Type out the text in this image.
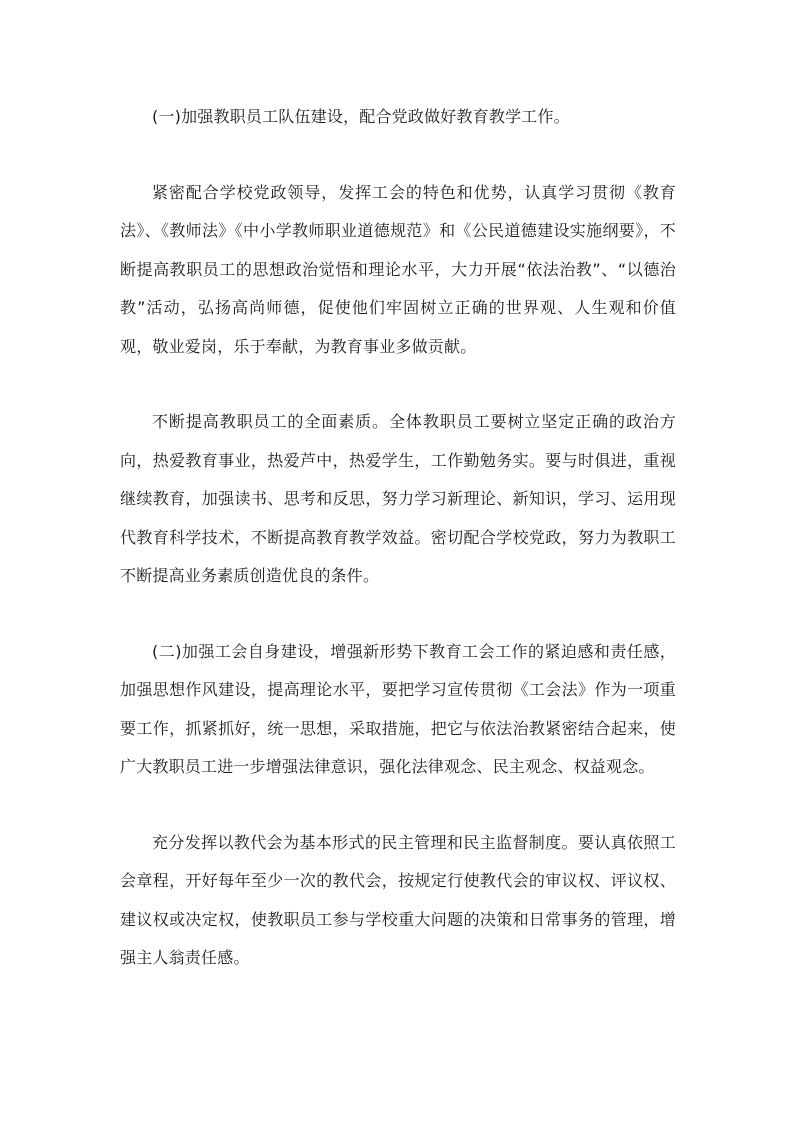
(一)加强教职员工队伍建设，配合党政做好教育教学工作。

紧密配合学校党政领导，发挥工会的特色和优势，认真学习贯彻《教育法》、《教师法》《中小学教师职业道德规范》和《公民道德建设实施纲要》，不断提高教职员工的思想政治觉悟和理论水平，大力开展“依法治教”、“以德治教”活动，弘扬高尚师德，促使他们牢固树立正确的世界观、人生观和价值观，敬业爱岗，乐于奉献，为教育事业多做贡献。

不断提高教职员工的全面素质。全体教职员工要树立坚定正确的政治方向，热爱教育事业，热爱芦中，热爱学生，工作勤勉务实。要与时俱进，重视继续教育，加强读书、思考和反思，努力学习新理论、新知识，学习、运用现代教育科学技术，不断提高教育教学效益。密切配合学校党政，努力为教职工不断提高业务素质创造优良的条件。

(二)加强工会自身建设，增强新形势下教育工会工作的紧迫感和责任感，加强思想作风建设，提高理论水平，要把学习宣传贯彻《工会法》作为一项重要工作，抓紧抓好，统一思想，采取措施，把它与依法治教紧密结合起来，使广大教职员工进一步增强法律意识，强化法律观念、民主观念、权益观念。

充分发挥以教代会为基本形式的民主管理和民主监督制度。要认真依照工会章程，开好每年至少一次的教代会，按规定行使教代会的审议权、评议权、建议权或决定权，使教职员工参与学校重大问题的决策和日常事务的管理，增强主人翁责任感。
